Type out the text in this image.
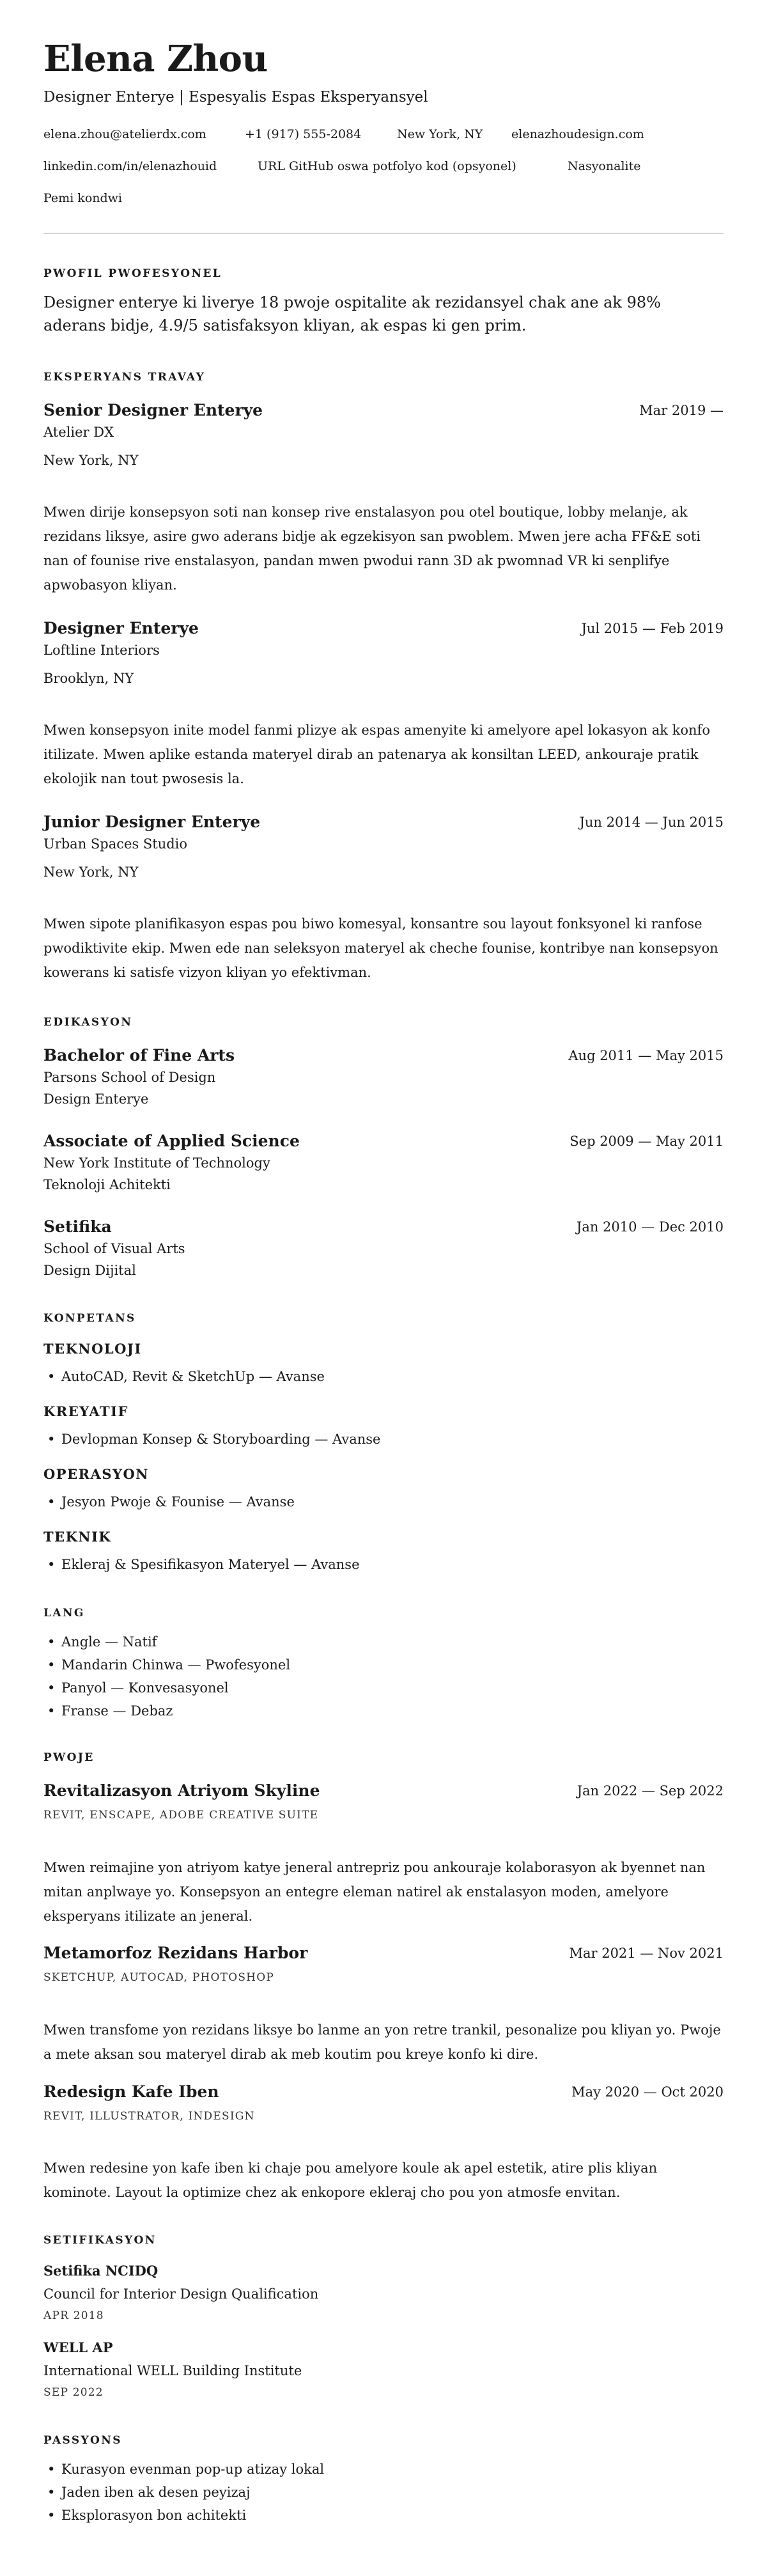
Elena Zhou
Designer Enterye | Espesyalis Espas Eksperyansyel
elena.zhou@atelierdx.com	+1 (917) 555-2084	New York, NY elenazhoudesign.com
linkedin.com/in/elenazhouid	URL GitHub oswa potfolyo kod (opsyonel)	Nasyonalite
Pemi kondwi
PWOFIL PWOFESYONEL
Designer enterye ki liverye 18 pwoje ospitalite ak rezidansyel chak ane ak 98% aderans bidje, 4.9/5 satisfaksyon kliyan, ak espas ki gen prim.
EKSPERYANS TRAVAY
Senior Designer Enterye	Mar 2019 —
Atelier DX
New York, NY
Mwen dirije konsepsyon soti nan konsep rive enstalasyon pou otel boutique, lobby melanje, ak rezidans liksye, asire gwo aderans bidje ak egzekisyon san pwoblem. Mwen jere acha FF&E soti nan of founise rive enstalasyon, pandan mwen pwodui rann 3D ak pwomnad VR ki senplifye apwobasyon kliyan.
Designer Enterye	Jul 2015 — Feb 2019
Loftline Interiors
Brooklyn, NY
Mwen konsepsyon inite model fanmi plizye ak espas amenyite ki amelyore apel lokasyon ak konfo itilizate. Mwen aplike estanda materyel dirab an patenarya ak konsiltan LEED, ankouraje pratik ekolojik nan tout pwosesis la.
Junior Designer Enterye	Jun 2014 — Jun 2015
Urban Spaces Studio
New York, NY
Mwen sipote planifikasyon espas pou biwo komesyal, konsantre sou layout fonksyonel ki ranfose pwodiktivite ekip. Mwen ede nan seleksyon materyel ak cheche founise, kontribye nan konsepsyon kowerans ki satisfe vizyon kliyan yo efektivman.
EDIKASYON
Bachelor of Fine Arts	Aug 2011 — May 2015
Parsons School of Design
Design Enterye
Associate of Applied Science	Sep 2009 — May 2011
New York Institute of Technology
Teknoloji Achitekti
Setifika	Jan 2010 — Dec 2010
School of Visual Arts
Design Dijital
KONPETANS
TEKNOLOJI
• AutoCAD, Revit & SketchUp — Avanse
KREYATIF
• Devlopman Konsep & Storyboarding — Avanse
OPERASYON
• Jesyon Pwoje & Founise — Avanse
TEKNIK
• Ekleraj & Spesifikasyon Materyel — Avanse
LANG
• Angle — Natif
• Mandarin Chinwa — Pwofesyonel
• Panyol — Konvesasyonel
• Franse — Debaz
PWOJE
Revitalizasyon Atriyom Skyline	Jan 2022 — Sep 2022
REVIT, ENSCAPE, ADOBE CREATIVE SUITE
Mwen reimajine yon atriyom katye jeneral antrepriz pou ankouraje kolaborasyon ak byennet nan mitan anplwaye yo. Konsepsyon an entegre eleman natirel ak enstalasyon moden, amelyore eksperyans itilizate an jeneral.
Metamorfoz Rezidans Harbor	Mar 2021 — Nov 2021
SKETCHUP, AUTOCAD, PHOTOSHOP
Mwen transfome yon rezidans liksye bo lanme an yon retre trankil, pesonalize pou kliyan yo. Pwoje a mete aksan sou materyel dirab ak meb koutim pou kreye konfo ki dire.
Redesign Kafe Iben	May 2020 — Oct 2020
REVIT, ILLUSTRATOR, INDESIGN
Mwen redesine yon kafe iben ki chaje pou amelyore koule ak apel estetik, atire plis kliyan kominote. Layout la optimize chez ak enkopore ekleraj cho pou yon atmosfe envitan.
SETIFIKASYON
Setifika NCIDQ
Council for Interior Design Qualification
APR 2018
WELL AP
International WELL Building Institute
SEP 2022
PASSYONS
• Kurasyon evenman pop-up atizay lokal
• Jaden iben ak desen peyizaj
• Eksplorasyon bon achitekti
